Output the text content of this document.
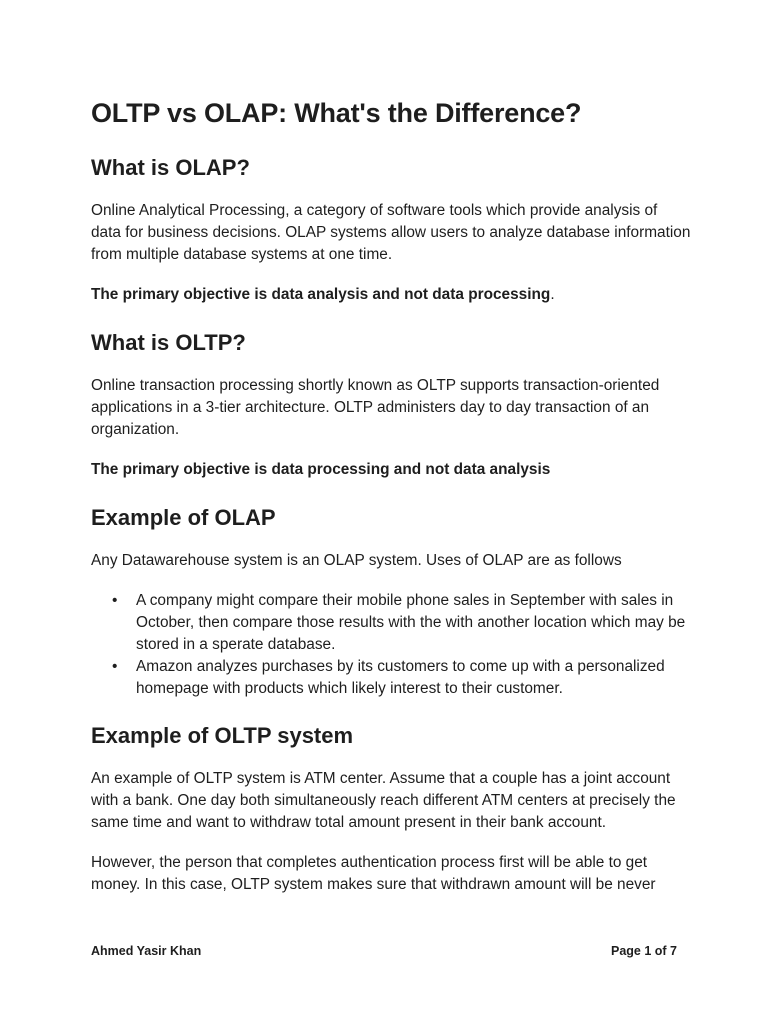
OLTP vs OLAP: What's the Difference?
What is OLAP?

Online Analytical Processing, a category of software tools which provide analysis of data for business decisions. OLAP systems allow users to analyze database information from multiple database systems at one time.

The primary objective is data analysis and not data processing.

What is OLTP?

Online transaction processing shortly known as OLTP supports transaction-oriented applications in a 3-tier architecture. OLTP administers day to day transaction of an organization.

The primary objective is data processing and not data analysis

Example of OLAP

Any Datawarehouse system is an OLAP system. Uses of OLAP are as follows

• A company might compare their mobile phone sales in September with sales in October, then compare those results with the with another location which may be stored in a sperate database.
• Amazon analyzes purchases by its customers to come up with a personalized homepage with products which likely interest to their customer.
Example of OLTP system

An example of OLTP system is ATM center. Assume that a couple has a joint account with a bank. One day both simultaneously reach different ATM centers at precisely the same time and want to withdraw total amount present in their bank account.

However, the person that completes authentication process first will be able to get money. In this case, OLTP system makes sure that withdrawn amount will be never

Ahmed Yasir Khan	Page 1 of 7
